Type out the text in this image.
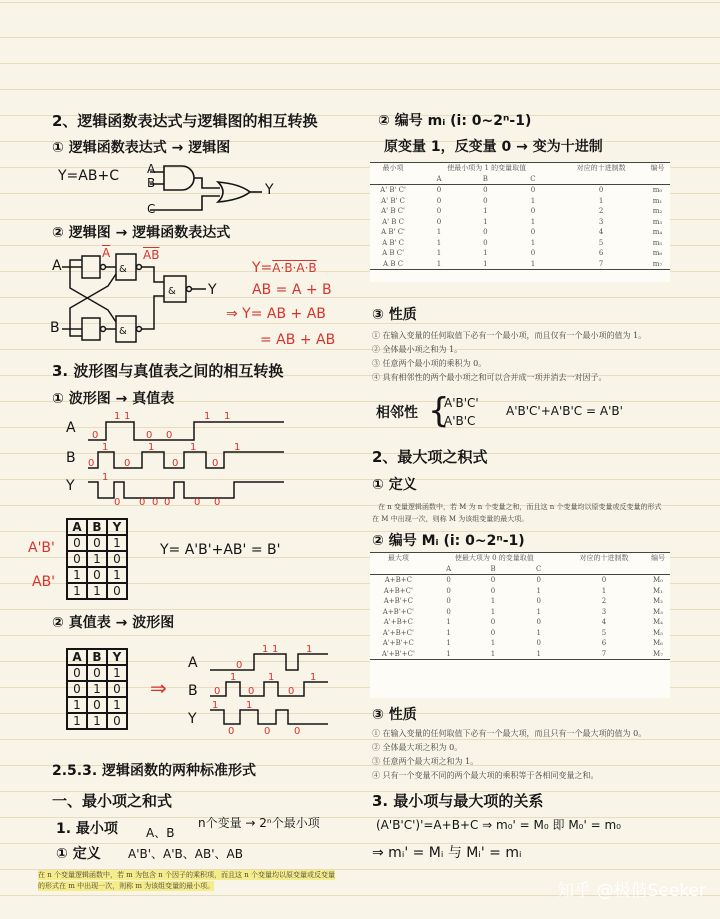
2、逻辑函数表达式与逻辑图的相互转换
① 逻辑函数表达式 → 逻辑图
Y=AB+C A
B
C
Y
② 逻辑图 → 逻辑函数表达式
&
&
&
A
B
Y
$\overline{A}$	$\overline{AB}$
Y=A·B·A·B
AB = A + B
⇒ Y= AB + AB
= AB + AB
3. 波形图与真值表之间的相互转换
① 波形图 → 真值表
A
B
Y
0
1 1
0 0
1 1
0
1
0
1
0
1
0
1
1
0 0 0 0 0 0
A	B	Y
0	0	1
0	1	0
1	0	1
1	1	0
A'B'
AB'
Y= A'B'+AB' = B'
② 真值表 → 波形图
A	B	Y
0	0	1
0	1	0
1	0	1
1	1	0
⇒
A
B
Y
0
1 1	1
0
1
0
1
0
1
1
0
1
0 0
2.5.3. 逻辑函数的两种标准形式
一、最小项之和式
1. 最小项 A、B
n个变量 → 2ⁿ个最小项
① 定义 A'B'、A'B、AB'、AB
在 n 个变量逻辑函数中，若 m 为包含 n 个因子的乘积项，而且这 n 个变量均以原变量或反变量
的形式在 m 中出现一次，则称 m 为该组变量的最小项。
② 编号 mᵢ (i: 0~2ⁿ-1)
原变量 1，反变量 0 → 变为十进制
最小项	使最小项为 1 的变量取值			对应的十进制数	编号
	A	B	C		
A' B' C'	0	0	0	0	m₀
A' B' C	0	0	1	1	m₁
A' B C'	0	1	0	2	m₂
A' B C	0	1	1	3	m₃
A B' C'	1	0	0	4	m₄
A B' C	1	0	1	5	m₅
A B C'	1	1	0	6	m₆
A B C	1	1	1	7	m₇
③ 性质
① 在输入变量的任何取值下必有一个最小项，而且仅有一个最小项的值为 1。
② 全体最小项之和为 1。
③ 任意两个最小项的乘积为 0。
④ 具有相邻性的两个最小项之和可以合并成一项并消去一对因子。
相邻性 {
A'B'C'
A'B'C
A'B'C'+A'B'C = A'B'
2、最大项之积式
① 定义
在 n 变量逻辑函数中，若 M 为 n 个变量之和，而且这 n 个变量均以原变量或反变量的形式
在 M 中出现一次，则称 M 为该组变量的最大项。
② 编号 Mᵢ (i: 0~2ⁿ-1)
最大项	使最大项为 0 的变量取值			对应的十进制数	编号
	A	B	C		
A+B+C	0	0	0	0	M₀
A+B+C'	0	0	1	1	M₁
A+B'+C	0	1	0	2	M₂
A+B'+C'	0	1	1	3	M₃
A'+B+C	1	0	0	4	M₄
A'+B+C'	1	0	1	5	M₅
A'+B'+C	1	1	0	6	M₆
A'+B'+C'	1	1	1	7	M₇
③ 性质
① 在输入变量的任何取值下必有一个最大项，而且只有一个最大项的值为 0。
② 全体最大项之积为 0。
③ 任意两个最大项之和为 1。
④ 只有一个变量不同的两个最大项的乘积等于各相同变量之和。
3. 最小项与最大项的关系
(A'B'C')'=A+B+C ⇒ m₀' = M₀ 即 M₀' = m₀
⇒ mᵢ' = Mᵢ 与 Mᵢ' = mᵢ
知乎 @极偕Seeker
